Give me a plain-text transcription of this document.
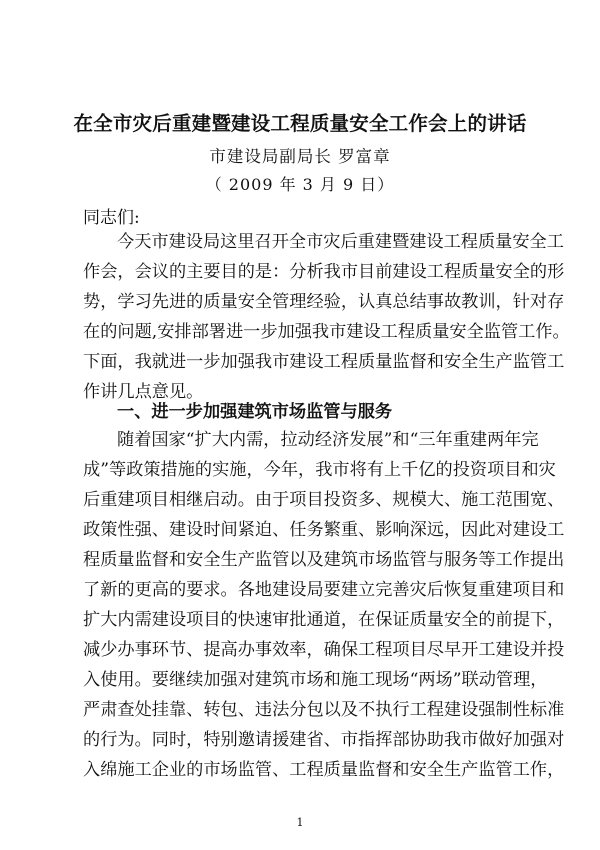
在全市灾后重建暨建设工程质量安全工作会上的讲话
市建设局副局长 罗富章
（ 2009 年 3 月 9 日）
同志们:
今天市建设局这里召开全市灾后重建暨建设工程质量安全工
作会，会议的主要目的是：分析我市目前建设工程质量安全的形
势，学习先进的质量安全管理经验，认真总结事故教训，针对存
在的问题,安排部署进一步加强我市建设工程质量安全监管工作。
下面，我就进一步加强我市建设工程质量监督和安全生产监管工
作讲几点意见。
一、进一步加强建筑市场监管与服务
随着国家“扩大内需，拉动经济发展”和“三年重建两年完
成”等政策措施的实施，今年，我市将有上千亿的投资项目和灾
后重建项目相继启动。由于项目投资多、规模大、施工范围宽、
政策性强、建设时间紧迫、任务繁重、影响深远，因此对建设工
程质量监督和安全生产监管以及建筑市场监管与服务等工作提出
了新的更高的要求。各地建设局要建立完善灾后恢复重建项目和
扩大内需建设项目的快速审批通道，在保证质量安全的前提下，
减少办事环节、提高办事效率，确保工程项目尽早开工建设并投
入使用。要继续加强对建筑市场和施工现场“两场”联动管理，
严肃查处挂靠、转包、违法分包以及不执行工程建设强制性标准
的行为。同时，特别邀请援建省、市指挥部协助我市做好加强对
入绵施工企业的市场监管、工程质量监督和安全生产监管工作，
1
